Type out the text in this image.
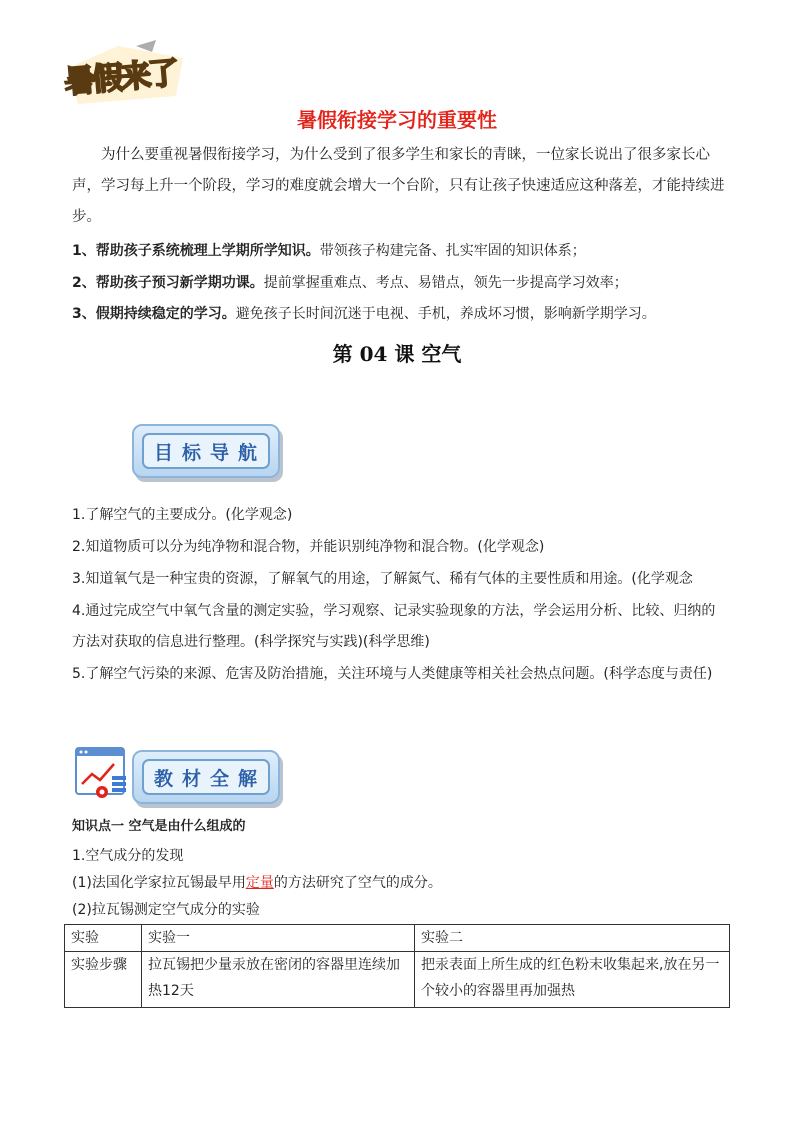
暑假来了
暑假衔接学习的重要性
为什么要重视暑假衔接学习，为什么受到了很多学生和家长的青睐，一位家长说出了很多家长心声，学习每上升一个阶段，学习的难度就会增大一个台阶，只有让孩子快速适应这种落差，才能持续进步。
1、帮助孩子系统梳理上学期所学知识。带领孩子构建完备、扎实牢固的知识体系；
2、帮助孩子预习新学期功课。提前掌握重难点、考点、易错点，领先一步提高学习效率；
3、假期持续稳定的学习。避免孩子长时间沉迷于电视、手机，养成坏习惯，影响新学期学习。
第 04 课 空气
目标导航
1.了解空气的主要成分。(化学观念)
2.知道物质可以分为纯净物和混合物，并能识别纯净物和混合物。(化学观念)
3.知道氧气是一种宝贵的资源，了解氧气的用途，了解氮气、稀有气体的主要性质和用途。(化学观念
4.通过完成空气中氧气含量的测定实验，学习观察、记录实验现象的方法，学会运用分析、比较、归纳的
方法对获取的信息进行整理。(科学探究与实践)(科学思维)
5.了解空气污染的来源、危害及防治措施，关注环境与人类健康等相关社会热点问题。(科学态度与责任)
教材全解
知识点一 空气是由什么组成的
1.空气成分的发现
(1)法国化学家拉瓦锡最早用定量的方法研究了空气的成分。
(2)拉瓦锡测定空气成分的实验
实验	实验一	实验二
实验步骤	拉瓦锡把少量汞放在密闭的容器里连续加热12天	把汞表面上所生成的红色粉末收集起来,放在另一个较小的容器里再加强热
